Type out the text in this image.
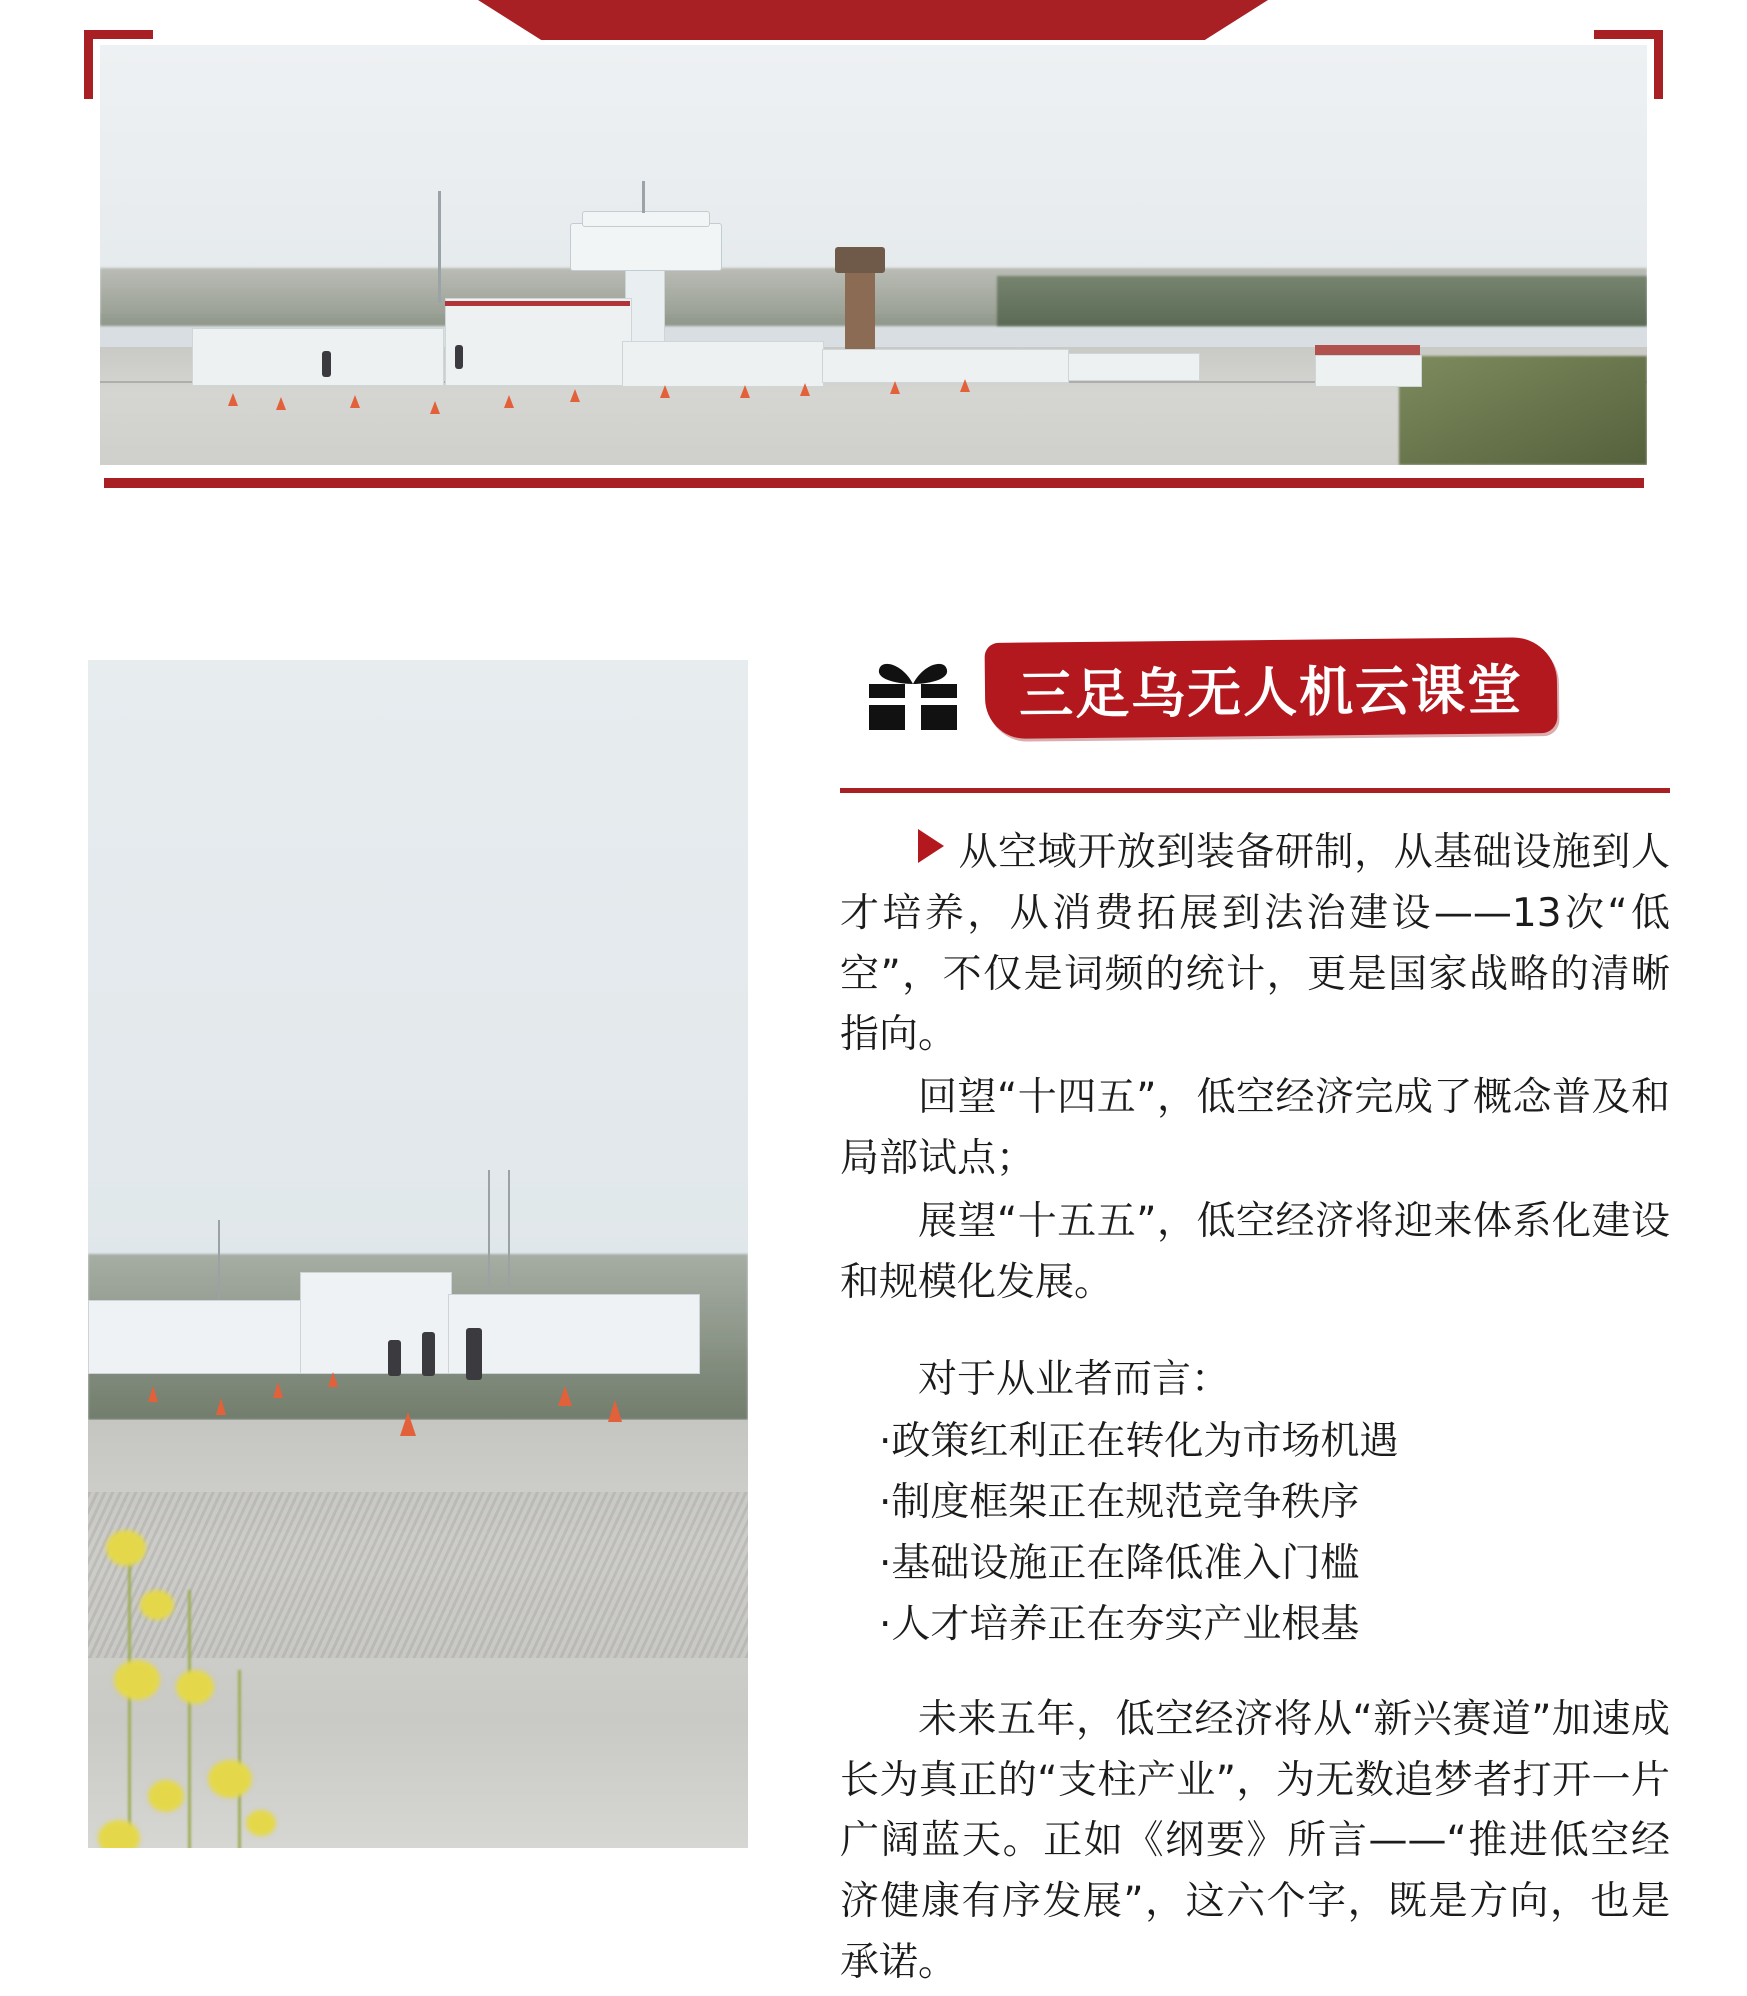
三足乌无人机云课堂

从空域开放到装备研制，从基础设施到人才培养，从消费拓展到法治建设——13次“低空”，不仅是词频的统计，更是国家战略的清晰指向。

回望“十四五”，低空经济完成了概念普及和局部试点；

展望“十五五”，低空经济将迎来体系化建设和规模化发展。

对于从业者而言：

·政策红利正在转化为市场机遇

·制度框架正在规范竞争秩序

·基础设施正在降低准入门槛

·人才培养正在夯实产业根基

未来五年，低空经济将从“新兴赛道”加速成长为真正的“支柱产业”，为无数追梦者打开一片广阔蓝天。正如《纲要》所言——“推进低空经济健康有序发展”，这六个字，既是方向，也是承诺。
